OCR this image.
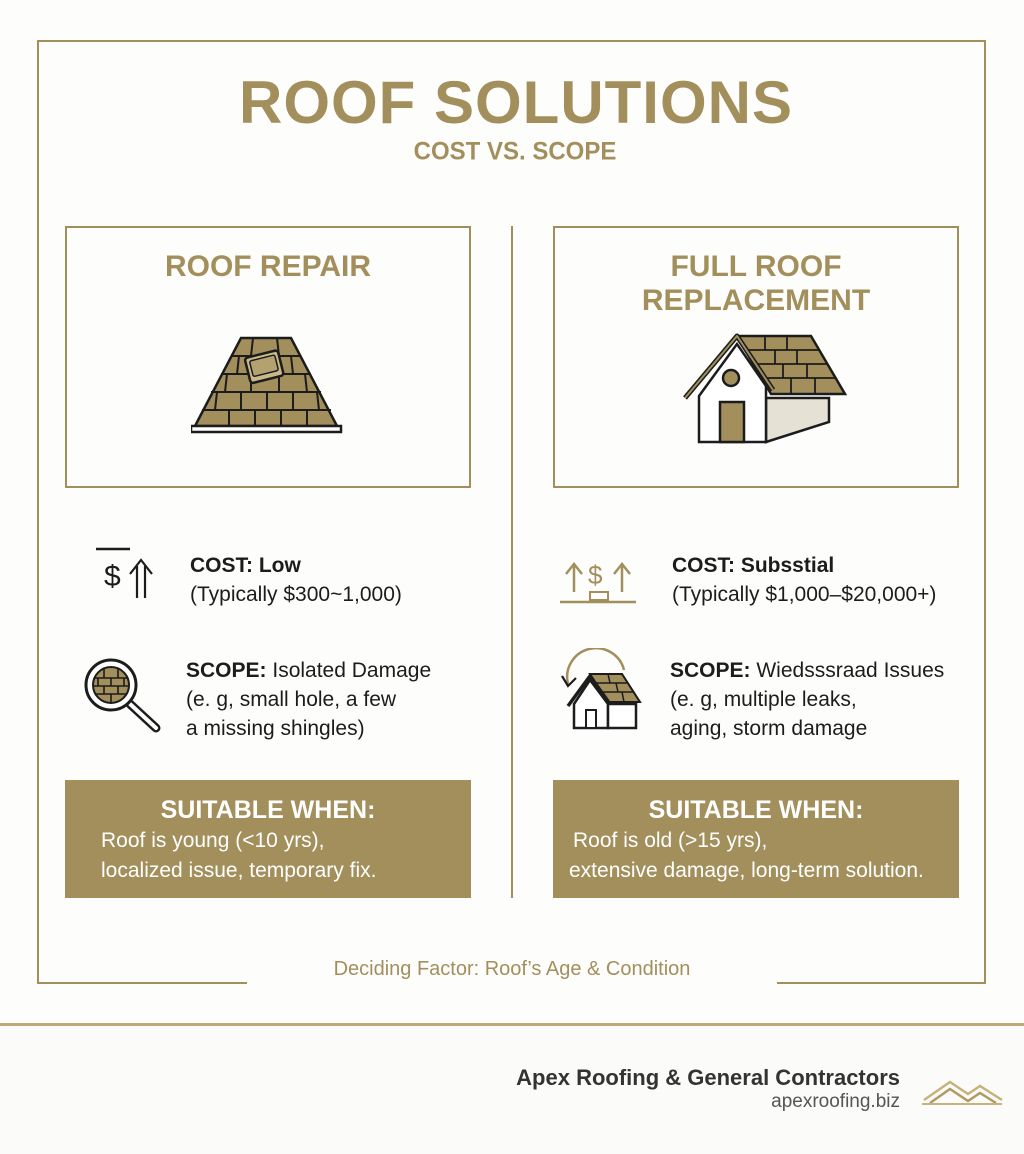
ROOF SOLUTIONS
COST VS. SCOPE
ROOF REPAIR	FULL ROOF REPLACEMENT
$	COST: Low
(Typically $300~1,000)
SCOPE: Isolated Damage
(e. g, small hole, a few
a missing shingles)
$	COST: Subsstial
(Typically $1,000–$20,000+)
SCOPE: Wiedsssraad Issues
(e. g, multiple leaks,
aging, storm damage
SUITABLE WHEN:
Roof is young (<10 yrs),
localized issue, temporary fix.
SUITABLE WHEN:
Roof is old (>15 yrs),
extensive damage, long-term solution.
Deciding Factor: Roof’s Age & Condition
Apex Roofing & General Contractors
apexroofing.biz
